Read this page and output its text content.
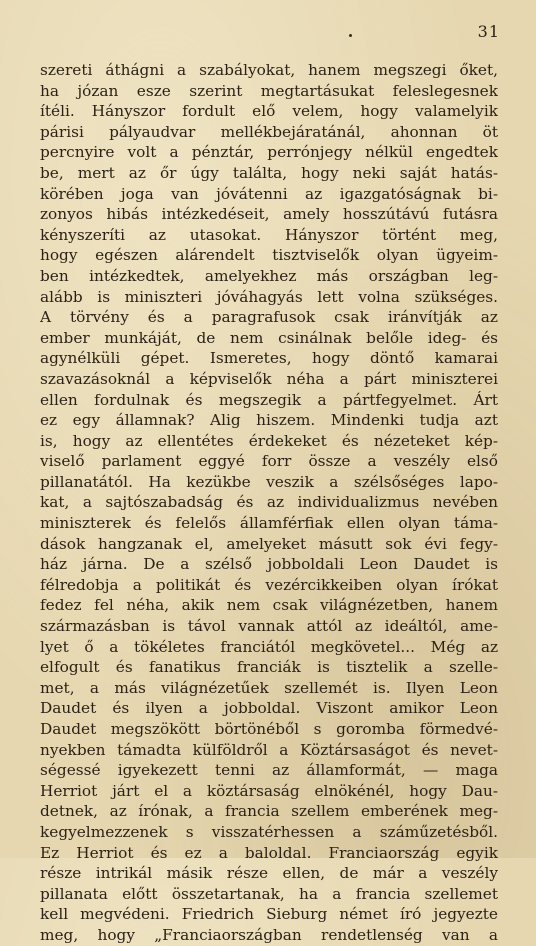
31
szereti áthágni a szabályokat, hanem megszegi őket,
ha józan esze szerint megtartásukat feleslegesnek
ítéli. Hányszor fordult elő velem, hogy valamelyik
párisi pályaudvar mellékbejáratánál, ahonnan öt
percnyire volt a pénztár, perrónjegy nélkül engedtek
be, mert az őr úgy találta, hogy neki saját hatás-
körében joga van jóvátenni az igazgatóságnak bi-
zonyos hibás intézkedéseit, amely hosszútávú futásra
kényszeríti az utasokat. Hányszor történt meg,
hogy egészen alárendelt tisztviselők olyan ügyeim-
ben intézkedtek, amelyekhez más országban leg-
alább is miniszteri jóváhagyás lett volna szükséges.
A törvény és a paragrafusok csak iránvítják az
ember munkáját, de nem csinálnak belőle ideg- és
agynélküli gépet. Ismeretes, hogy döntő kamarai
szavazásoknál a képviselők néha a párt miniszterei
ellen fordulnak és megszegik a pártfegyelmet. Árt
ez egy államnak? Alig hiszem. Mindenki tudja azt
is, hogy az ellentétes érdekeket és nézeteket kép-
viselő parlament eggyé forr össze a veszély első
pillanatától. Ha kezükbe veszik a szélsőséges lapo-
kat, a sajtószabadság és az individualizmus nevében
miniszterek és felelős államférfiak ellen olyan táma-
dások hangzanak el, amelyeket másutt sok évi fegy-
ház járna. De a szélső jobboldali Leon Daudet is
félredobja a politikát és vezércikkeiben olyan írókat
fedez fel néha, akik nem csak világnézetben, hanem
származásban is távol vannak attól az ideáltól, ame-
lyet ő a tökéletes franciától megkövetel... Még az
elfogult és fanatikus franciák is tisztelik a szelle-
met, a más világnézetűek szellemét is. Ilyen Leon
Daudet és ilyen a jobboldal. Viszont amikor Leon
Daudet megszökött börtönéből s goromba förmedvé-
nyekben támadta külföldről a Köztársaságot és nevet-
ségessé igyekezett tenni az államformát, — maga
Herriot járt el a köztársaság elnökénél, hogy Dau-
detnek, az írónak, a francia szellem emberének meg-
kegyelmezzenek s visszatérhessen a száműzetésből.
Ez Herriot és ez a baloldal. Franciaország egyik
része intrikál másik része ellen, de már a veszély
pillanata előtt összetartanak, ha a francia szellemet
kell megvédeni. Friedrich Sieburg német író jegyezte
meg, hogy „Franciaországban rendetlenség van a
